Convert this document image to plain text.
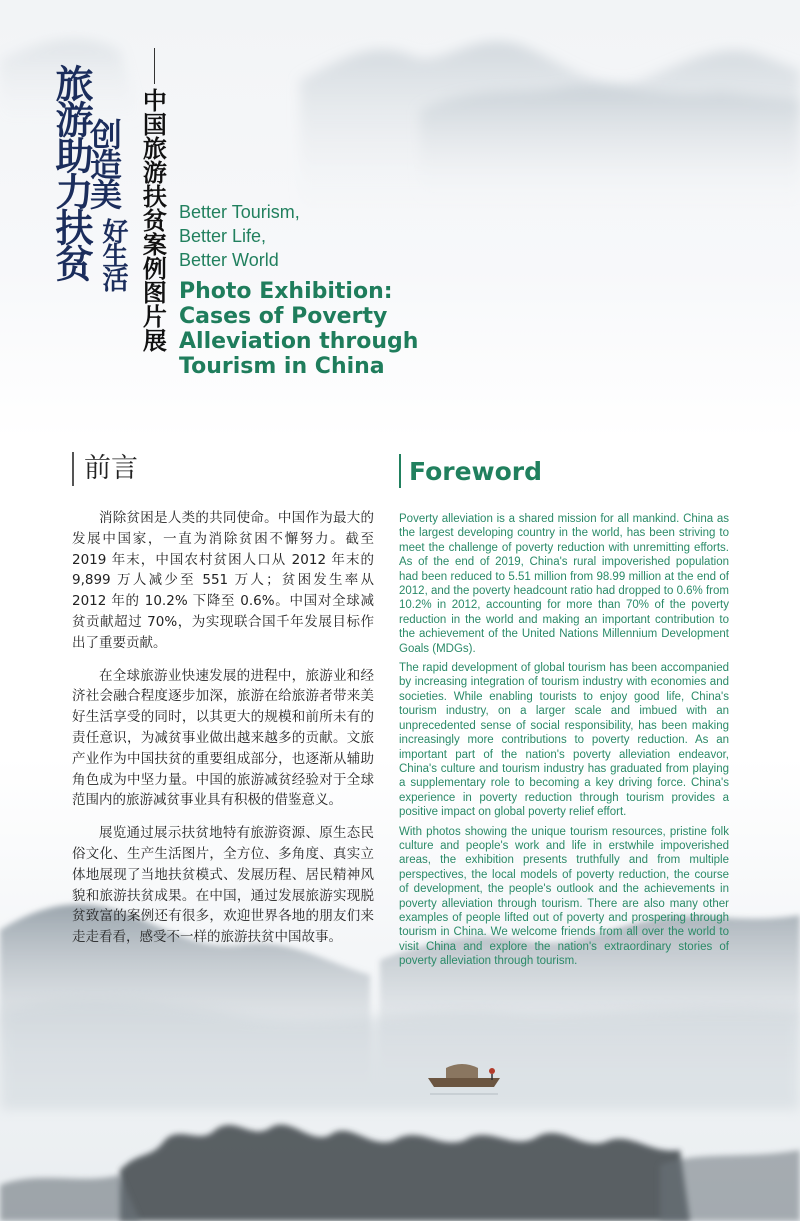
旅游助力扶贫
创造美
好生活 中国旅游扶贫案例图片展 Better Tourism,
Better Life,
Better World
Photo Exhibition:
Cases of Poverty
Alleviation through
Tourism in China
前言	Foreword

消除贫困是人类的共同使命。中国作为最大的发展中国家，一直为消除贫困不懈努力。截至 2019 年末，中国农村贫困人口从 2012 年末的 9,899 万人减少至 551 万人；贫困发生率从 2012 年的 10.2% 下降至 0.6%。中国对全球减贫贡献超过 70%，为实现联合国千年发展目标作出了重要贡献。

在全球旅游业快速发展的进程中，旅游业和经济社会融合程度逐步加深，旅游在给旅游者带来美好生活享受的同时，以其更大的规模和前所未有的责任意识，为减贫事业做出越来越多的贡献。文旅产业作为中国扶贫的重要组成部分，也逐渐从辅助角色成为中坚力量。中国的旅游减贫经验对于全球范围内的旅游减贫事业具有积极的借鉴意义。

展览通过展示扶贫地特有旅游资源、原生态民俗文化、生产生活图片，全方位、多角度、真实立体地展现了当地扶贫模式、发展历程、居民精神风貌和旅游扶贫成果。在中国，通过发展旅游实现脱贫致富的案例还有很多，欢迎世界各地的朋友们来走走看看，感受不一样的旅游扶贫中国故事。

Poverty alleviation is a shared mission for all mankind. China as the largest developing country in the world, has been striving to meet the challenge of poverty reduction with unremitting efforts. As of the end of 2019, China's rural impoverished population had been reduced to 5.51 million from 98.99 million at the end of 2012, and the poverty headcount ratio had dropped to 0.6% from 10.2% in 2012, accounting for more than 70% of the poverty reduction in the world and making an important contribution to the achievement of the United Nations Millennium Development Goals (MDGs).

The rapid development of global tourism has been accompanied by increasing integration of tourism industry with economies and societies. While enabling tourists to enjoy good life, China's tourism industry, on a larger scale and imbued with an unprecedented sense of social responsibility, has been making increasingly more contributions to poverty reduction. As an important part of the nation's poverty alleviation endeavor, China's culture and tourism industry has graduated from playing a supplementary role to becoming a key driving force. China's experience in poverty reduction through tourism provides a positive impact on global poverty relief effort.

With photos showing the unique tourism resources, pristine folk culture and people's work and life in erstwhile impoverished areas, the exhibition presents truthfully and from multiple perspectives, the local models of poverty reduction, the course of development, the people's outlook and the achievements in poverty alleviation through tourism. There are also many other examples of people lifted out of poverty and prospering through tourism in China. We welcome friends from all over the world to visit China and explore the nation's extraordinary stories of poverty alleviation through tourism.
